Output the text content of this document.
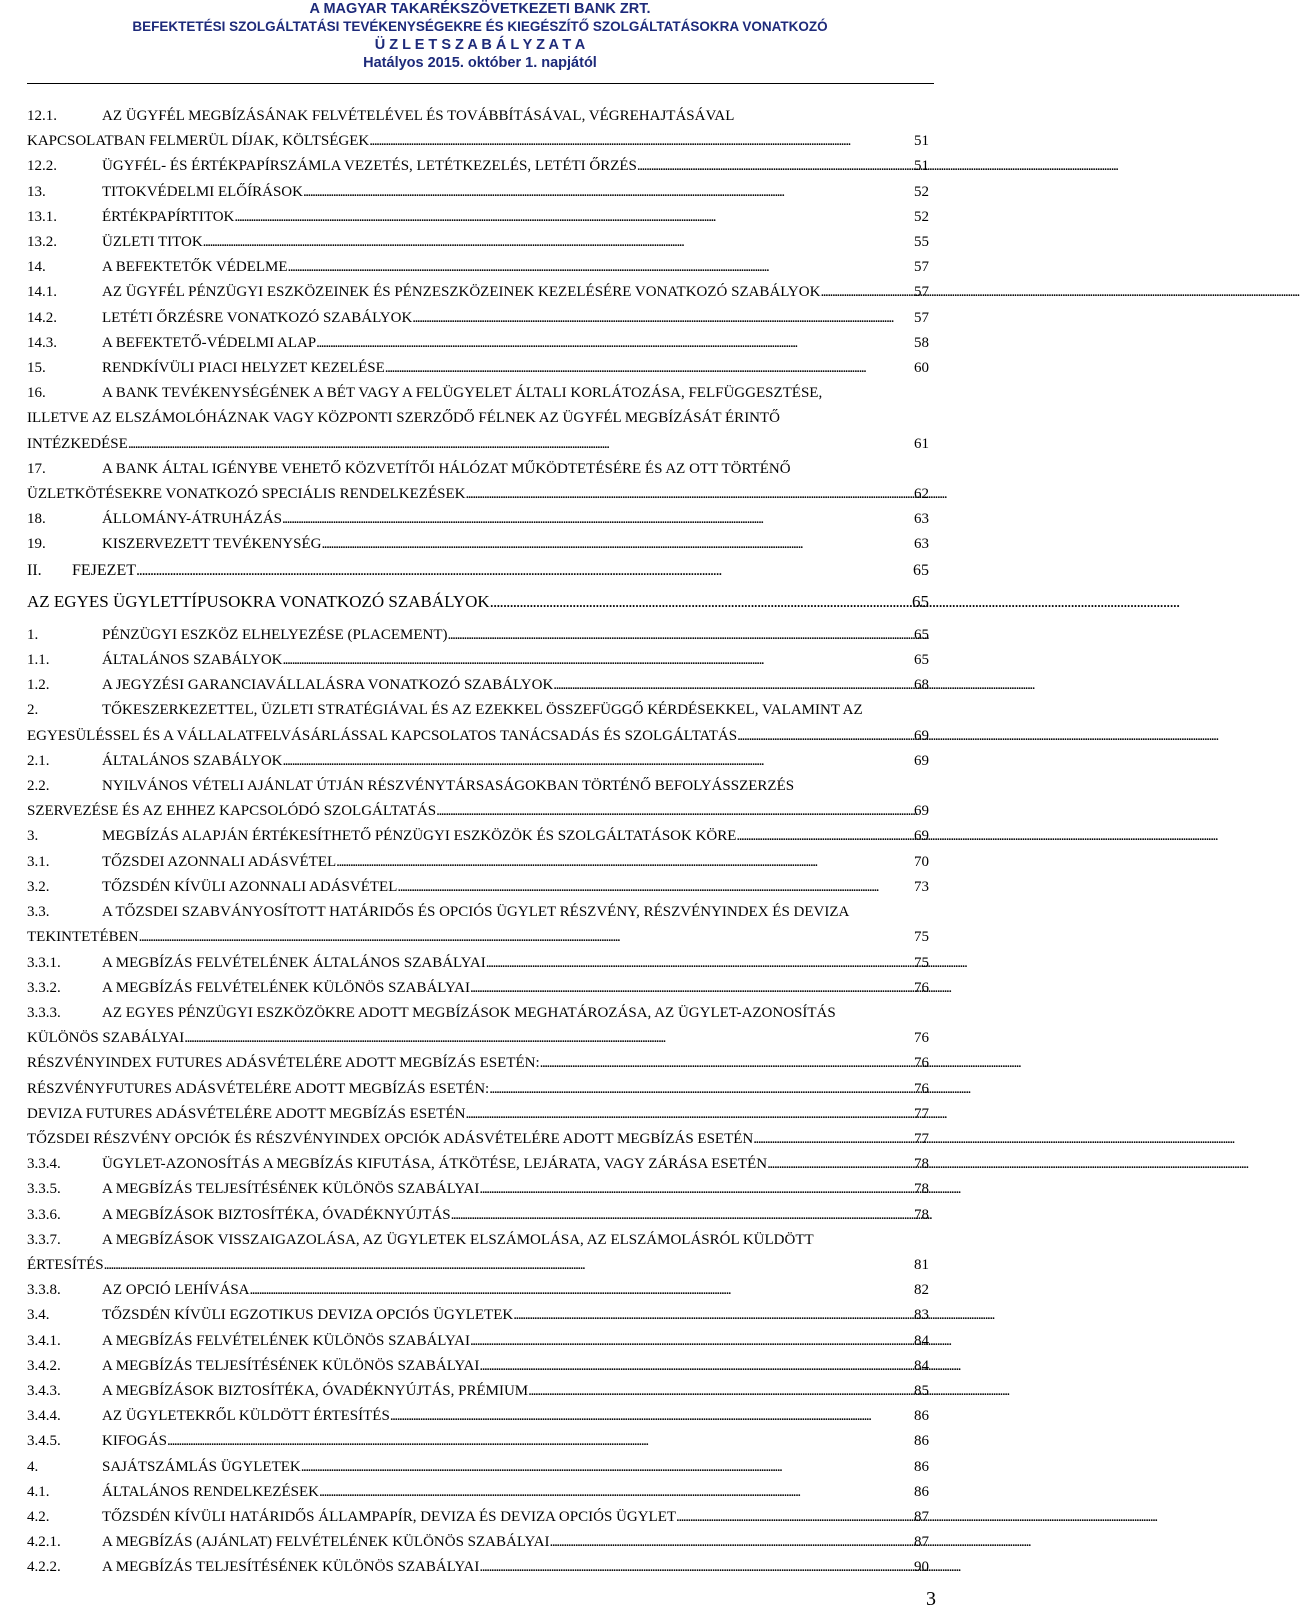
A MAGYAR TAKARÉKSZÖVETKEZETI BANK ZRT.
BEFEKTETÉSI SZOLGÁLTATÁSI TEVÉKENYSÉGEKRE ÉS KIEGÉSZÍTŐ SZOLGÁLTATÁSOKRA VONATKOZÓ
Ü Z L E T S Z A B Á L Y Z A T A
Hatályos 2015. október 1. napjától
12.1.	AZ ÜGYFÉL MEGBÍZÁSÁNAK FELVÉTELÉVEL ÉS TOVÁBBÍTÁSÁVAL, VÉGREHAJTÁSÁVAL
KAPCSOLATBAN FELMERÜL DÍJAK, KÖLTSÉGEK . . .	51
12.2.	ÜGYFÉL- ÉS ÉRTÉKPAPÍRSZÁMLA VEZETÉS, LETÉTKEZELÉS, LETÉTI ŐRZÉS . . .	51
13.	TITOKVÉDELMI ELŐÍRÁSOK . . .	52
13.1.	ÉRTÉKPAPÍRTITOK . . .	52
13.2.	ÜZLETI TITOK . . .	55
14.	A BEFEKTETŐK VÉDELME . . .	57
14.1.	AZ ÜGYFÉL PÉNZÜGYI ESZKÖZEINEK ÉS PÉNZESZKÖZEINEK KEZELÉSÉRE VONATKOZÓ SZABÁLYOK . . .	57
14.2.	LETÉTI ŐRZÉSRE VONATKOZÓ SZABÁLYOK . . .	57
14.3.	A BEFEKTETŐ-VÉDELMI ALAP . . .	58
15.	RENDKÍVÜLI PIACI HELYZET KEZELÉSE . . .	60
16.	A BANK TEVÉKENYSÉGÉNEK A BÉT VAGY A FELÜGYELET ÁLTALI KORLÁTOZÁSA, FELFÜGGESZTÉSE,
ILLETVE AZ ELSZÁMOLÓHÁZNAK VAGY KÖZPONTI SZERZŐDŐ FÉLNEK AZ ÜGYFÉL MEGBÍZÁSÁT ÉRINTŐ
INTÉZKEDÉSE . . .	61
17.	A BANK ÁLTAL IGÉNYBE VEHETŐ KÖZVETÍTŐI HÁLÓZAT MŰKÖDTETÉSÉRE ÉS AZ OTT TÖRTÉNŐ
ÜZLETKÖTÉSEKRE VONATKOZÓ SPECIÁLIS RENDELKEZÉSEK . . .	62
18.	ÁLLOMÁNY-ÁTRUHÁZÁS . . .	63
19.	KISZERVEZETT TEVÉKENYSÉG . . .	63
II.	FEJEZET . . .	65
AZ EGYES ÜGYLETTÍPUSOKRA VONATKOZÓ SZABÁLYOK . . .	65
1.	PÉNZÜGYI ESZKÖZ ELHELYEZÉSE (PLACEMENT) . . .	65
1.1.	ÁLTALÁNOS SZABÁLYOK . . .	65
1.2.	A JEGYZÉSI GARANCIAVÁLLALÁSRA VONATKOZÓ SZABÁLYOK . . .	68
2.	TŐKESZERKEZETTEL, ÜZLETI STRATÉGIÁVAL ÉS AZ EZEKKEL ÖSSZEFÜGGŐ KÉRDÉSEKKEL, VALAMINT AZ
EGYESÜLÉSSEL ÉS A VÁLLALATFELVÁSÁRLÁSSAL KAPCSOLATOS TANÁCSADÁS ÉS SZOLGÁLTATÁS . . .	69
2.1.	ÁLTALÁNOS SZABÁLYOK . . .	69
2.2.	NYILVÁNOS VÉTELI AJÁNLAT ÚTJÁN RÉSZVÉNYTÁRSASÁGOKBAN TÖRTÉNŐ BEFOLYÁSSZERZÉS
SZERVEZÉSE ÉS AZ EHHEZ KAPCSOLÓDÓ SZOLGÁLTATÁS . . .	69
3.	MEGBÍZÁS ALAPJÁN ÉRTÉKESÍTHETŐ PÉNZÜGYI ESZKÖZÖK ÉS SZOLGÁLTATÁSOK KÖRE . . .	69
3.1.	TŐZSDEI AZONNALI ADÁSVÉTEL . . .	70
3.2.	TŐZSDÉN KÍVÜLI AZONNALI ADÁSVÉTEL . . .	73
3.3.	A TŐZSDEI SZABVÁNYOSÍTOTT HATÁRIDŐS ÉS OPCIÓS ÜGYLET RÉSZVÉNY, RÉSZVÉNYINDEX ÉS DEVIZA
TEKINTETÉBEN . . .	75
3.3.1.	A MEGBÍZÁS FELVÉTELÉNEK ÁLTALÁNOS SZABÁLYAI . . .	75
3.3.2.	A MEGBÍZÁS FELVÉTELÉNEK KÜLÖNÖS SZABÁLYAI . . .	76
3.3.3.	AZ EGYES PÉNZÜGYI ESZKÖZÖKRE ADOTT MEGBÍZÁSOK MEGHATÁROZÁSA, AZ ÜGYLET-AZONOSÍTÁS
KÜLÖNÖS SZABÁLYAI . . .	76
RÉSZVÉNYINDEX FUTURES ADÁSVÉTELÉRE ADOTT MEGBÍZÁS ESETÉN: . . .	76
RÉSZVÉNYFUTURES ADÁSVÉTELÉRE ADOTT MEGBÍZÁS ESETÉN: . . .	76
DEVIZA FUTURES ADÁSVÉTELÉRE ADOTT MEGBÍZÁS ESETÉN . . .	77
TŐZSDEI RÉSZVÉNY OPCIÓK ÉS RÉSZVÉNYINDEX OPCIÓK ADÁSVÉTELÉRE ADOTT MEGBÍZÁS ESETÉN . . .	77
3.3.4.	ÜGYLET-AZONOSÍTÁS A MEGBÍZÁS KIFUTÁSA, ÁTKÖTÉSE, LEJÁRATA, VAGY ZÁRÁSA ESETÉN . . .	78
3.3.5.	A MEGBÍZÁS TELJESÍTÉSÉNEK KÜLÖNÖS SZABÁLYAI . . .	78
3.3.6.	A MEGBÍZÁSOK BIZTOSÍTÉKA, ÓVADÉKNYÚJTÁS . . .	78
3.3.7.	A MEGBÍZÁSOK VISSZAIGAZOLÁSA, AZ ÜGYLETEK ELSZÁMOLÁSA, AZ ELSZÁMOLÁSRÓL KÜLDÖTT
ÉRTESÍTÉS . . .	81
3.3.8.	AZ OPCIÓ LEHÍVÁSA . . .	82
3.4.	TŐZSDÉN KÍVÜLI EGZOTIKUS DEVIZA OPCIÓS ÜGYLETEK . . .	83
3.4.1.	A MEGBÍZÁS FELVÉTELÉNEK KÜLÖNÖS SZABÁLYAI . . .	84
3.4.2.	A MEGBÍZÁS TELJESÍTÉSÉNEK KÜLÖNÖS SZABÁLYAI . . .	84
3.4.3.	A MEGBÍZÁSOK BIZTOSÍTÉKA, ÓVADÉKNYÚJTÁS, PRÉMIUM . . .	85
3.4.4.	AZ ÜGYLETEKRŐL KÜLDÖTT ÉRTESÍTÉS . . .	86
3.4.5.	KIFOGÁS . . .	86
4.	SAJÁTSZÁMLÁS ÜGYLETEK . . .	86
4.1.	ÁLTALÁNOS RENDELKEZÉSEK . . .	86
4.2.	TŐZSDÉN KÍVÜLI HATÁRIDŐS ÁLLAMPAPÍR, DEVIZA ÉS DEVIZA OPCIÓS ÜGYLET . . .	87
4.2.1.	A MEGBÍZÁS (AJÁNLAT) FELVÉTELÉNEK KÜLÖNÖS SZABÁLYAI . . .	87
4.2.2.	A MEGBÍZÁS TELJESÍTÉSÉNEK KÜLÖNÖS SZABÁLYAI . . .	90
3
